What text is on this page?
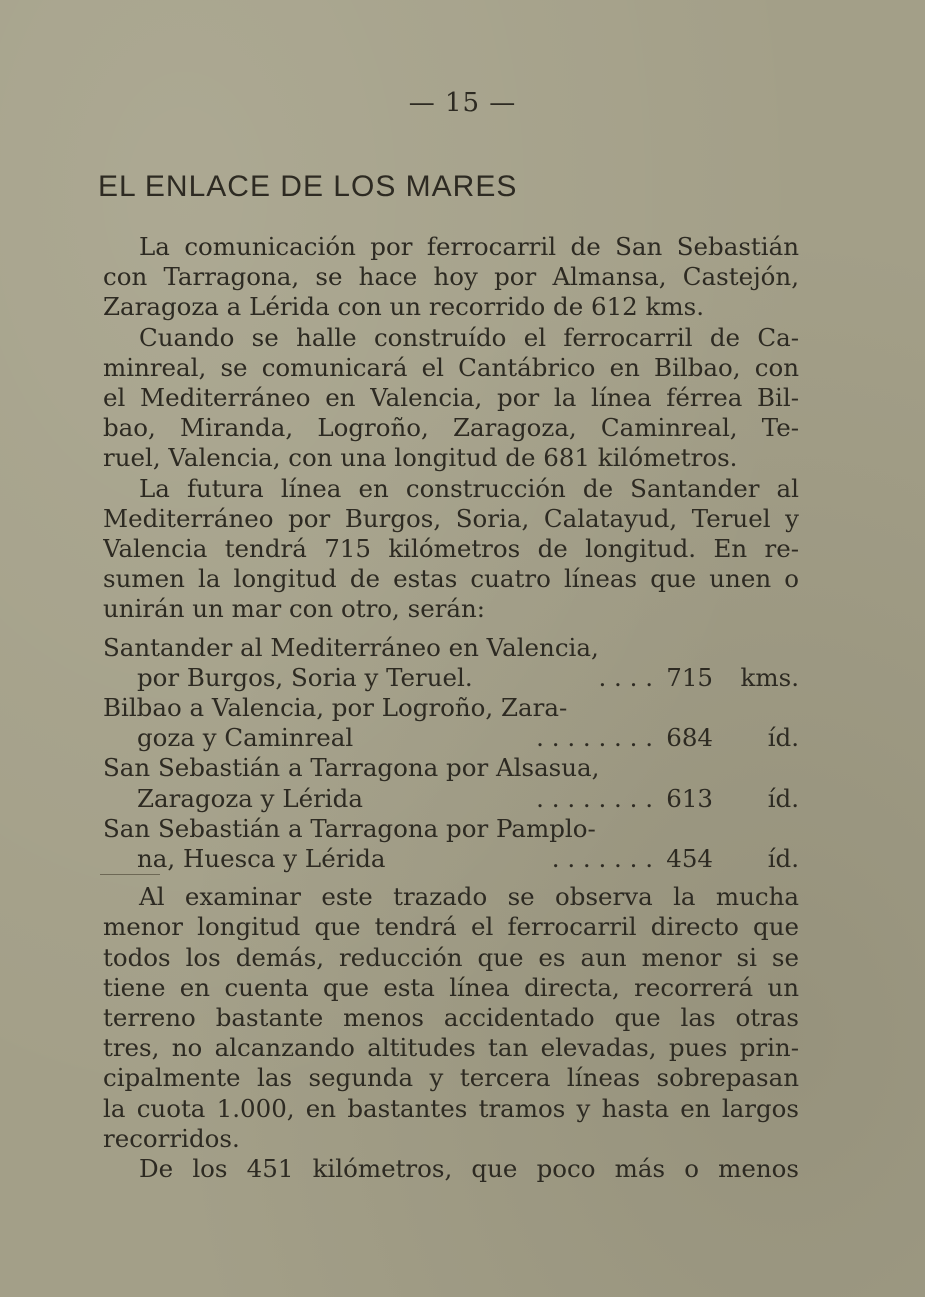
— 15 —
EL ENLACE DE LOS MARES
La comunicación por ferrocarril de San Sebastián
con Tarragona, se hace hoy por Almansa, Castejón,
Zaragoza a Lérida con un recorrido de 612 kms.
Cuando se halle construído el ferrocarril de Ca-
minreal, se comunicará el Cantábrico en Bilbao, con
el Mediterráneo en Valencia, por la línea férrea Bil-
bao, Miranda, Logroño, Zaragoza, Caminreal, Te-
ruel, Valencia, con una longitud de 681 kilómetros.
La futura línea en construcción de Santander al
Mediterráneo por Burgos, Soria, Calatayud, Teruel y
Valencia tendrá 715 kilómetros de longitud. En re-
sumen la longitud de estas cuatro líneas que unen o
unirán un mar con otro, serán:
Santander al Mediterráneo en Valencia,
por Burgos, Soria y Teruel.	. . . . 715	kms.
Bilbao a Valencia, por Logroño, Zara-
goza y Caminreal	. . . . . . . . 684	íd.
San Sebastián a Tarragona por Alsasua,
Zaragoza y Lérida	. . . . . . . . 613	íd.
San Sebastián a Tarragona por Pamplo-
na, Huesca y Lérida	. . . . . . . 454	íd.
Al examinar este trazado se observa la mucha
menor longitud que tendrá el ferrocarril directo que
todos los demás, reducción que es aun menor si se
tiene en cuenta que esta línea directa, recorrerá un
terreno bastante menos accidentado que las otras
tres, no alcanzando altitudes tan elevadas, pues prin-
cipalmente las segunda y tercera líneas sobrepasan
la cuota 1.000, en bastantes tramos y hasta en largos
recorridos.
De los 451 kilómetros, que poco más o menos
